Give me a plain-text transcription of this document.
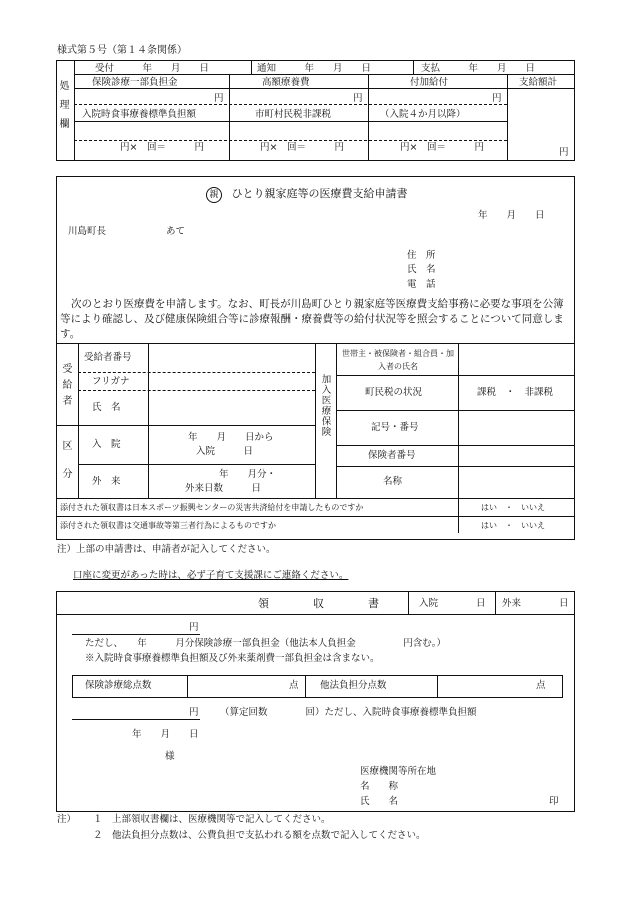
様式第５号（第１４条関係）
処理欄
受付　　　年　　月　　日	通知　　　年　　月　　日	支払　　　年　　月　　日
保険診療一部負担金	高額療養費	付加給付	支給額計
円	円	円
入院時食事療養標準負担額	市町村民税非課税	（入院４か月以降）
円×　回＝　　　円	円×　回＝　　　円	円×　回＝　　　円	円
親 ひとり親家庭等の医療費支給申請書
年　　月　　日
川島町長	あて
住　所
氏　名
電　話
次のとおり医療費を申請します。なお、町長が川島町ひとり親家庭等医療費支給事務に必要な事項を公簿等により確認し、及び健康保険組合等に診療報酬・療養費等の給付状況等を照会することについて同意します。
受給者
区分
受給者番号
フリガナ
氏　名
入　院
年　　月　　日から
入院　　　日
外　来
年　　月分・
外来日数　　　日
加入医療保険
世帯主・被保険者・組合員・加入者の氏名
町民税の状況	課税　・　非課税
記号・番号
保険者番号
名称
添付された領収書は日本スポーツ振興センターの災害共済給付を申請したものですか	はい　・　いいえ
添付された領収書は交通事故等第三者行為によるものですか	はい　・　いいえ
注）上部の申請書は、申請者が記入してください。
口座に変更があった時は、必ず子育て支援課にご連絡ください。
領　　　　収　　　　書	入院　　　　日 外来　　　　日
円
ただし、　　年　　　月分保険診療一部負担金（他法本人負担金　　　　　円含む。）
※入院時食事療養標準負担額及び外来薬剤費一部負担金は含まない。
保険診療総点数	点 他法負担分点数	点
円 （算定回数　　　　回）ただし、入院時食事療養標準負担額
年　　月　　日
様
医療機関等所在地
名　　称
氏　　名	印
注） １　上部領収書欄は、医療機関等で記入してください。
２　他法負担分点数は、公費負担で支払われる額を点数で記入してください。
